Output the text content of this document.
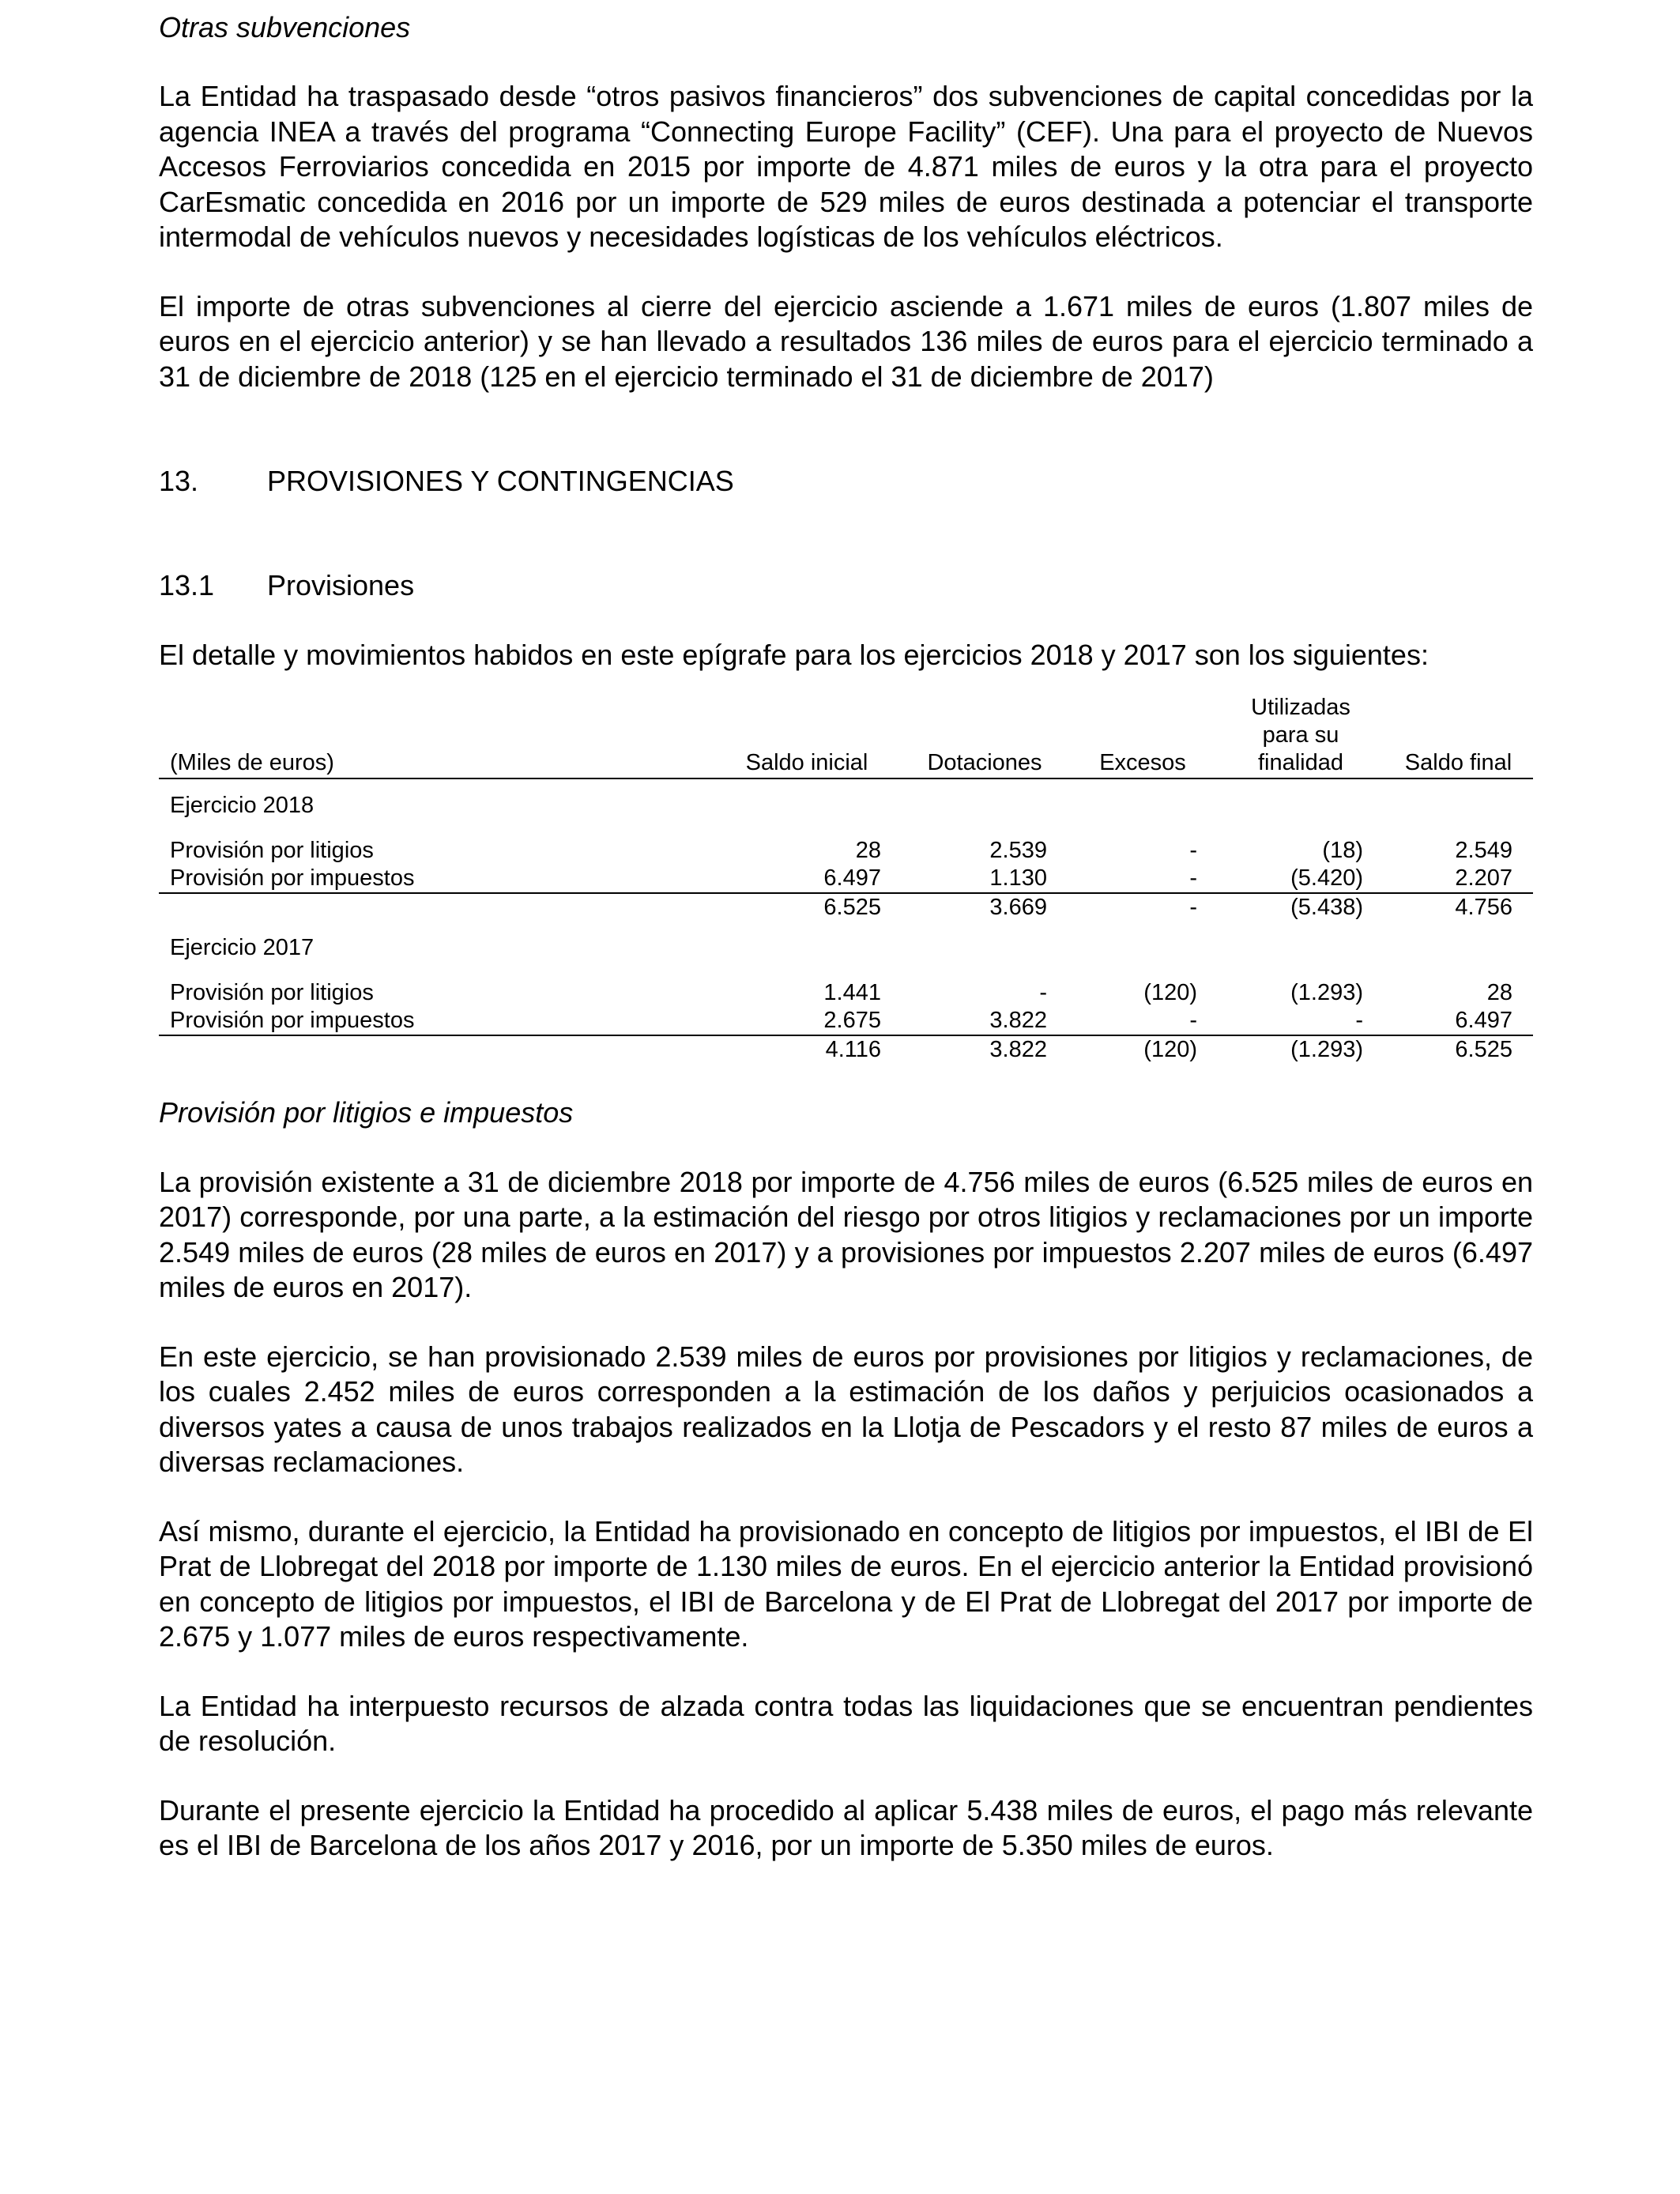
Otras subvenciones

La Entidad ha traspasado desde “otros pasivos financieros” dos subvenciones de capital concedidas por la agencia INEA a través del programa “Connecting Europe Facility” (CEF). Una para el proyecto de Nuevos Accesos Ferroviarios concedida en 2015 por importe de 4.871 miles de euros y la otra para el proyecto CarEsmatic concedida en 2016 por un importe de 529 miles de euros destinada a potenciar el transporte intermodal de vehículos nuevos y necesidades logísticas de los vehículos eléctricos.

El importe de otras subvenciones al cierre del ejercicio asciende a 1.671 miles de euros (1.807 miles de euros en el ejercicio anterior) y se han llevado a resultados 136 miles de euros para el ejercicio terminado a 31 de diciembre de 2018 (125 en el ejercicio terminado el 31 de diciembre de 2017)

13.	PROVISIONES Y CONTINGENCIAS
13.1	Provisiones

El detalle y movimientos habidos en este epígrafe para los ejercicios 2018 y 2017 son los siguientes:

(Miles de euros)	Saldo inicial	Dotaciones	Excesos	Utilizadas
para su
finalidad	Saldo final
Ejercicio 2018					
Provisión por litigios	28	2.539	-	(18)	2.549
Provisión por impuestos	6.497	1.130	-	(5.420)	2.207
	6.525	3.669	-	(5.438)	4.756
Ejercicio 2017					
Provisión por litigios	1.441	-	(120)	(1.293)	28
Provisión por impuestos	2.675	3.822	-	-	6.497
	4.116	3.822	(120)	(1.293)	6.525

Provisión por litigios e impuestos

La provisión existente a 31 de diciembre 2018 por importe de 4.756 miles de euros (6.525 miles de euros en 2017) corresponde, por una parte, a la estimación del riesgo por otros litigios y reclamaciones por un importe 2.549 miles de euros (28 miles de euros en 2017) y a provisiones por impuestos 2.207 miles de euros (6.497 miles de euros en 2017).

En este ejercicio, se han provisionado 2.539 miles de euros por provisiones por litigios y reclamaciones, de los cuales 2.452 miles de euros corresponden a la estimación de los daños y perjuicios ocasionados a diversos yates a causa de unos trabajos realizados en la Llotja de Pescadors y el resto 87 miles de euros a diversas reclamaciones.

Así mismo, durante el ejercicio, la Entidad ha provisionado en concepto de litigios por impuestos, el IBI de El Prat de Llobregat del 2018 por importe de 1.130 miles de euros. En el ejercicio anterior la Entidad provisionó en concepto de litigios por impuestos, el IBI de Barcelona y de El Prat de Llobregat del 2017 por importe de 2.675 y 1.077 miles de euros respectivamente.

La Entidad ha interpuesto recursos de alzada contra todas las liquidaciones que se encuentran pendientes de resolución.

Durante el presente ejercicio la Entidad ha procedido al aplicar 5.438 miles de euros, el pago más relevante es el IBI de Barcelona de los años 2017 y 2016, por un importe de 5.350 miles de euros.
